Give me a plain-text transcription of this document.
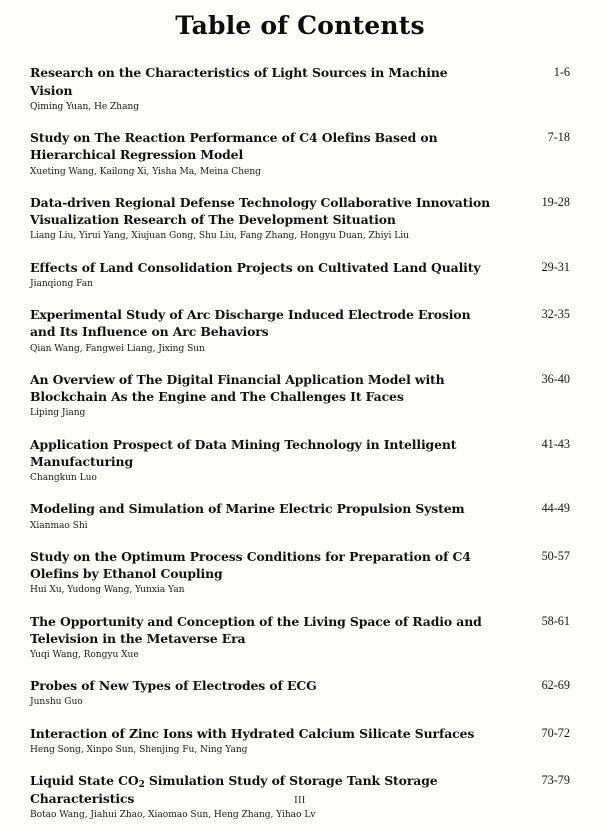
Table of Contents
Research on the Characteristics of Light Sources in Machine Vision
1-6
Qiming Yuan, He Zhang
Study on The Reaction Performance of C4 Olefins Based on Hierarchical Regression Model
7-18
Xueting Wang, Kailong Xi, Yisha Ma, Meina Cheng
Data-driven Regional Defense Technology Collaborative Innovation Visualization Research of The Development Situation
19-28
Liang Liu, Yirui Yang, Xiujuan Gong, Shu Liu, Fang Zhang, Hongyu Duan, Zhiyi Liu
Effects of Land Consolidation Projects on Cultivated Land Quality	29-31
Jianqiong Fan
Experimental Study of Arc Discharge Induced Electrode Erosion and Its Influence on Arc Behaviors
32-35
Qian Wang, Fangwei Liang, Jixing Sun
An Overview of The Digital Financial Application Model with Blockchain As the Engine and The Challenges It Faces
36-40
Liping Jiang
Application Prospect of Data Mining Technology in Intelligent Manufacturing
41-43
Changkun Luo
Modeling and Simulation of Marine Electric Propulsion System	44-49
Xianmao Shi
Study on the Optimum Process Conditions for Preparation of C4 Olefins by Ethanol Coupling
50-57
Hui Xu, Yudong Wang, Yunxia Yan
The Opportunity and Conception of the Living Space of Radio and Television in the Metaverse Era
58-61
Yuqi Wang, Rongyu Xue
Probes of New Types of Electrodes of ECG	62-69
Junshu Guo
Interaction of Zinc Ions with Hydrated Calcium Silicate Surfaces	70-72
Heng Song, Xinpo Sun, Shenjing Fu, Ning Yang
Liquid State $CO_2$ Simulation Study of Storage Tank Storage Characteristics
73-79
Botao Wang, Jiahui Zhao, Xiaomao Sun, Heng Zhang, Yihao Lv
III
